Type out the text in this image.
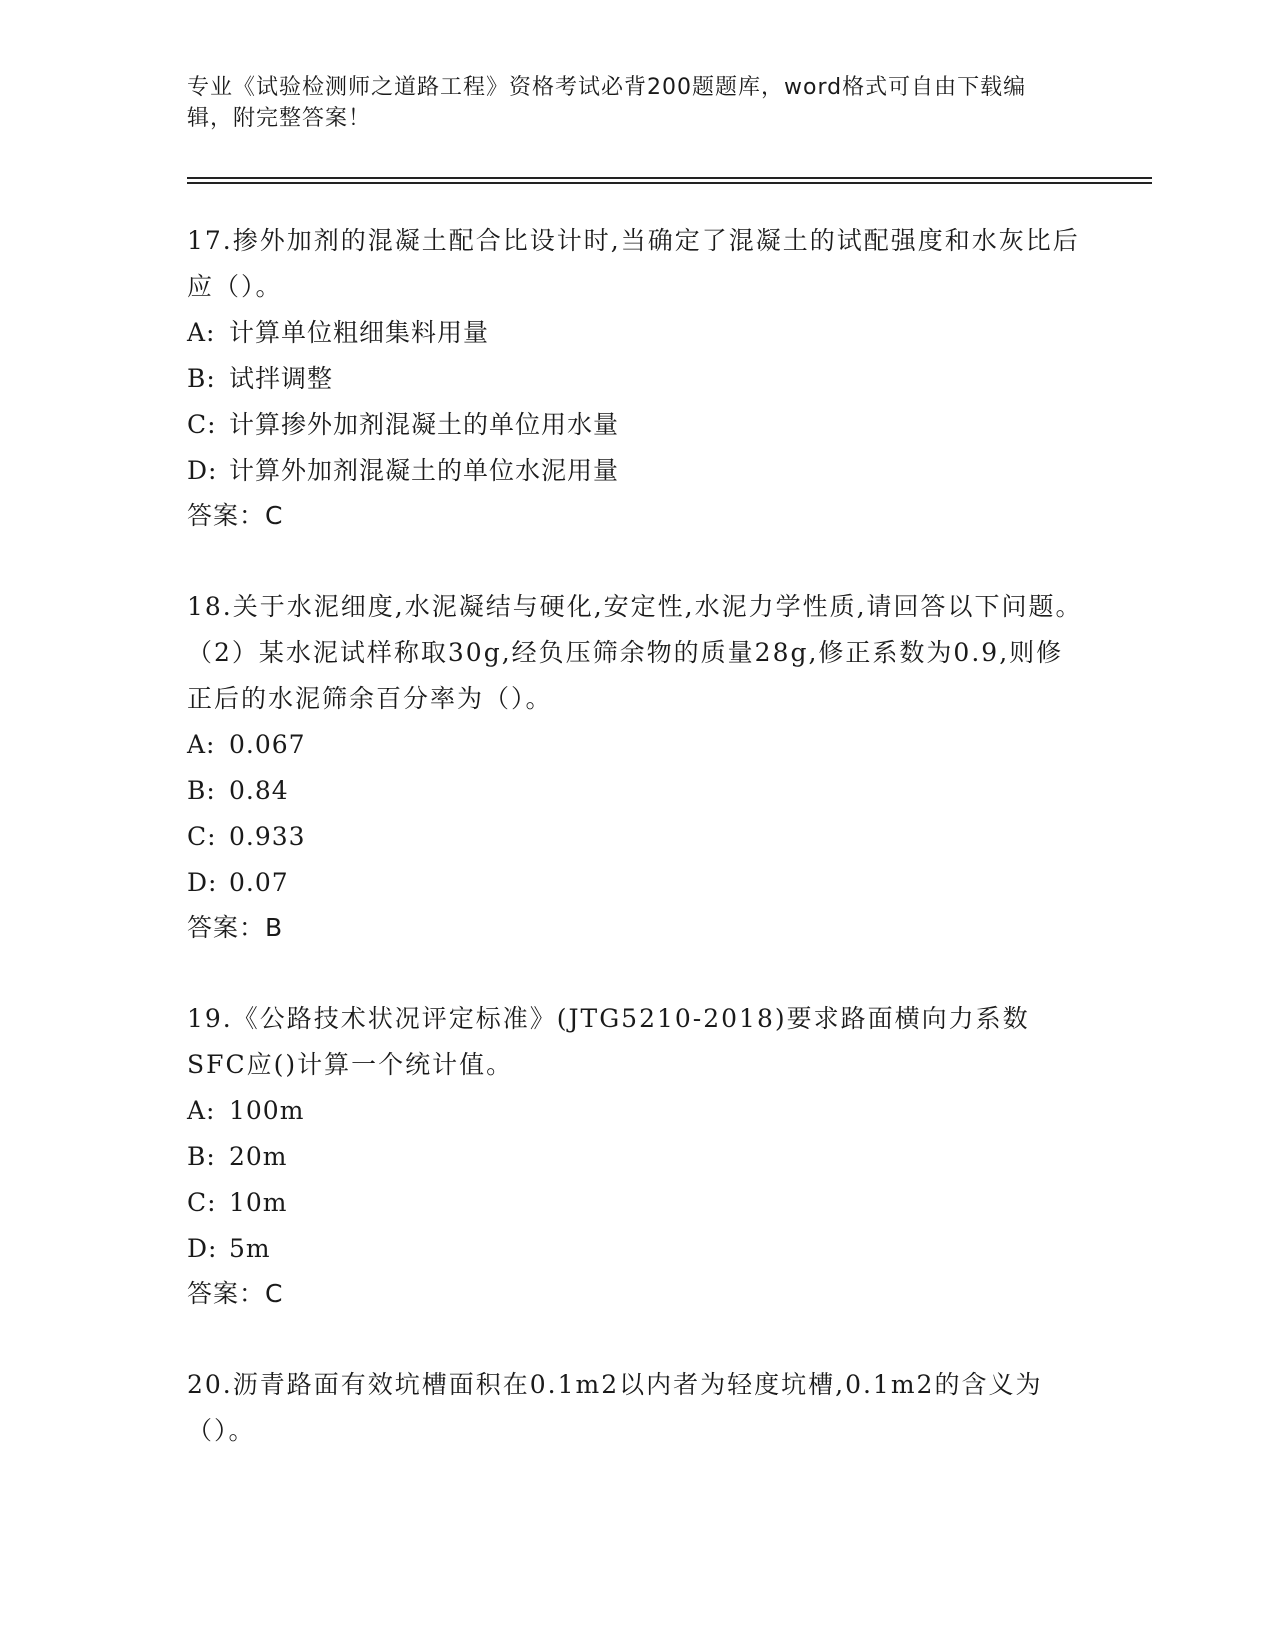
专业《试验检测师之道路工程》资格考试必背200题题库，word格式可自由下载编辑，附完整答案！
17.掺外加剂的混凝土配合比设计时,当确定了混凝土的试配强度和水灰比后应（）。
A: 计算单位粗细集料用量
B: 试拌调整
C: 计算掺外加剂混凝土的单位用水量
D: 计算外加剂混凝土的单位水泥用量
答案：C
18.关于水泥细度,水泥凝结与硬化,安定性,水泥力学性质,请回答以下问题。（2）某水泥试样称取30g,经负压筛余物的质量28g,修正系数为0.9,则修正后的水泥筛余百分率为（）。
A: 0.067
B: 0.84
C: 0.933
D: 0.07
答案：B
19.《公路技术状况评定标准》(JTG5210-2018)要求路面横向力系数SFC应()计算一个统计值。
A: 100m
B: 20m
C: 10m
D: 5m
答案：C
20.沥青路面有效坑槽面积在0.1m2以内者为轻度坑槽,0.1m2的含义为（）。
